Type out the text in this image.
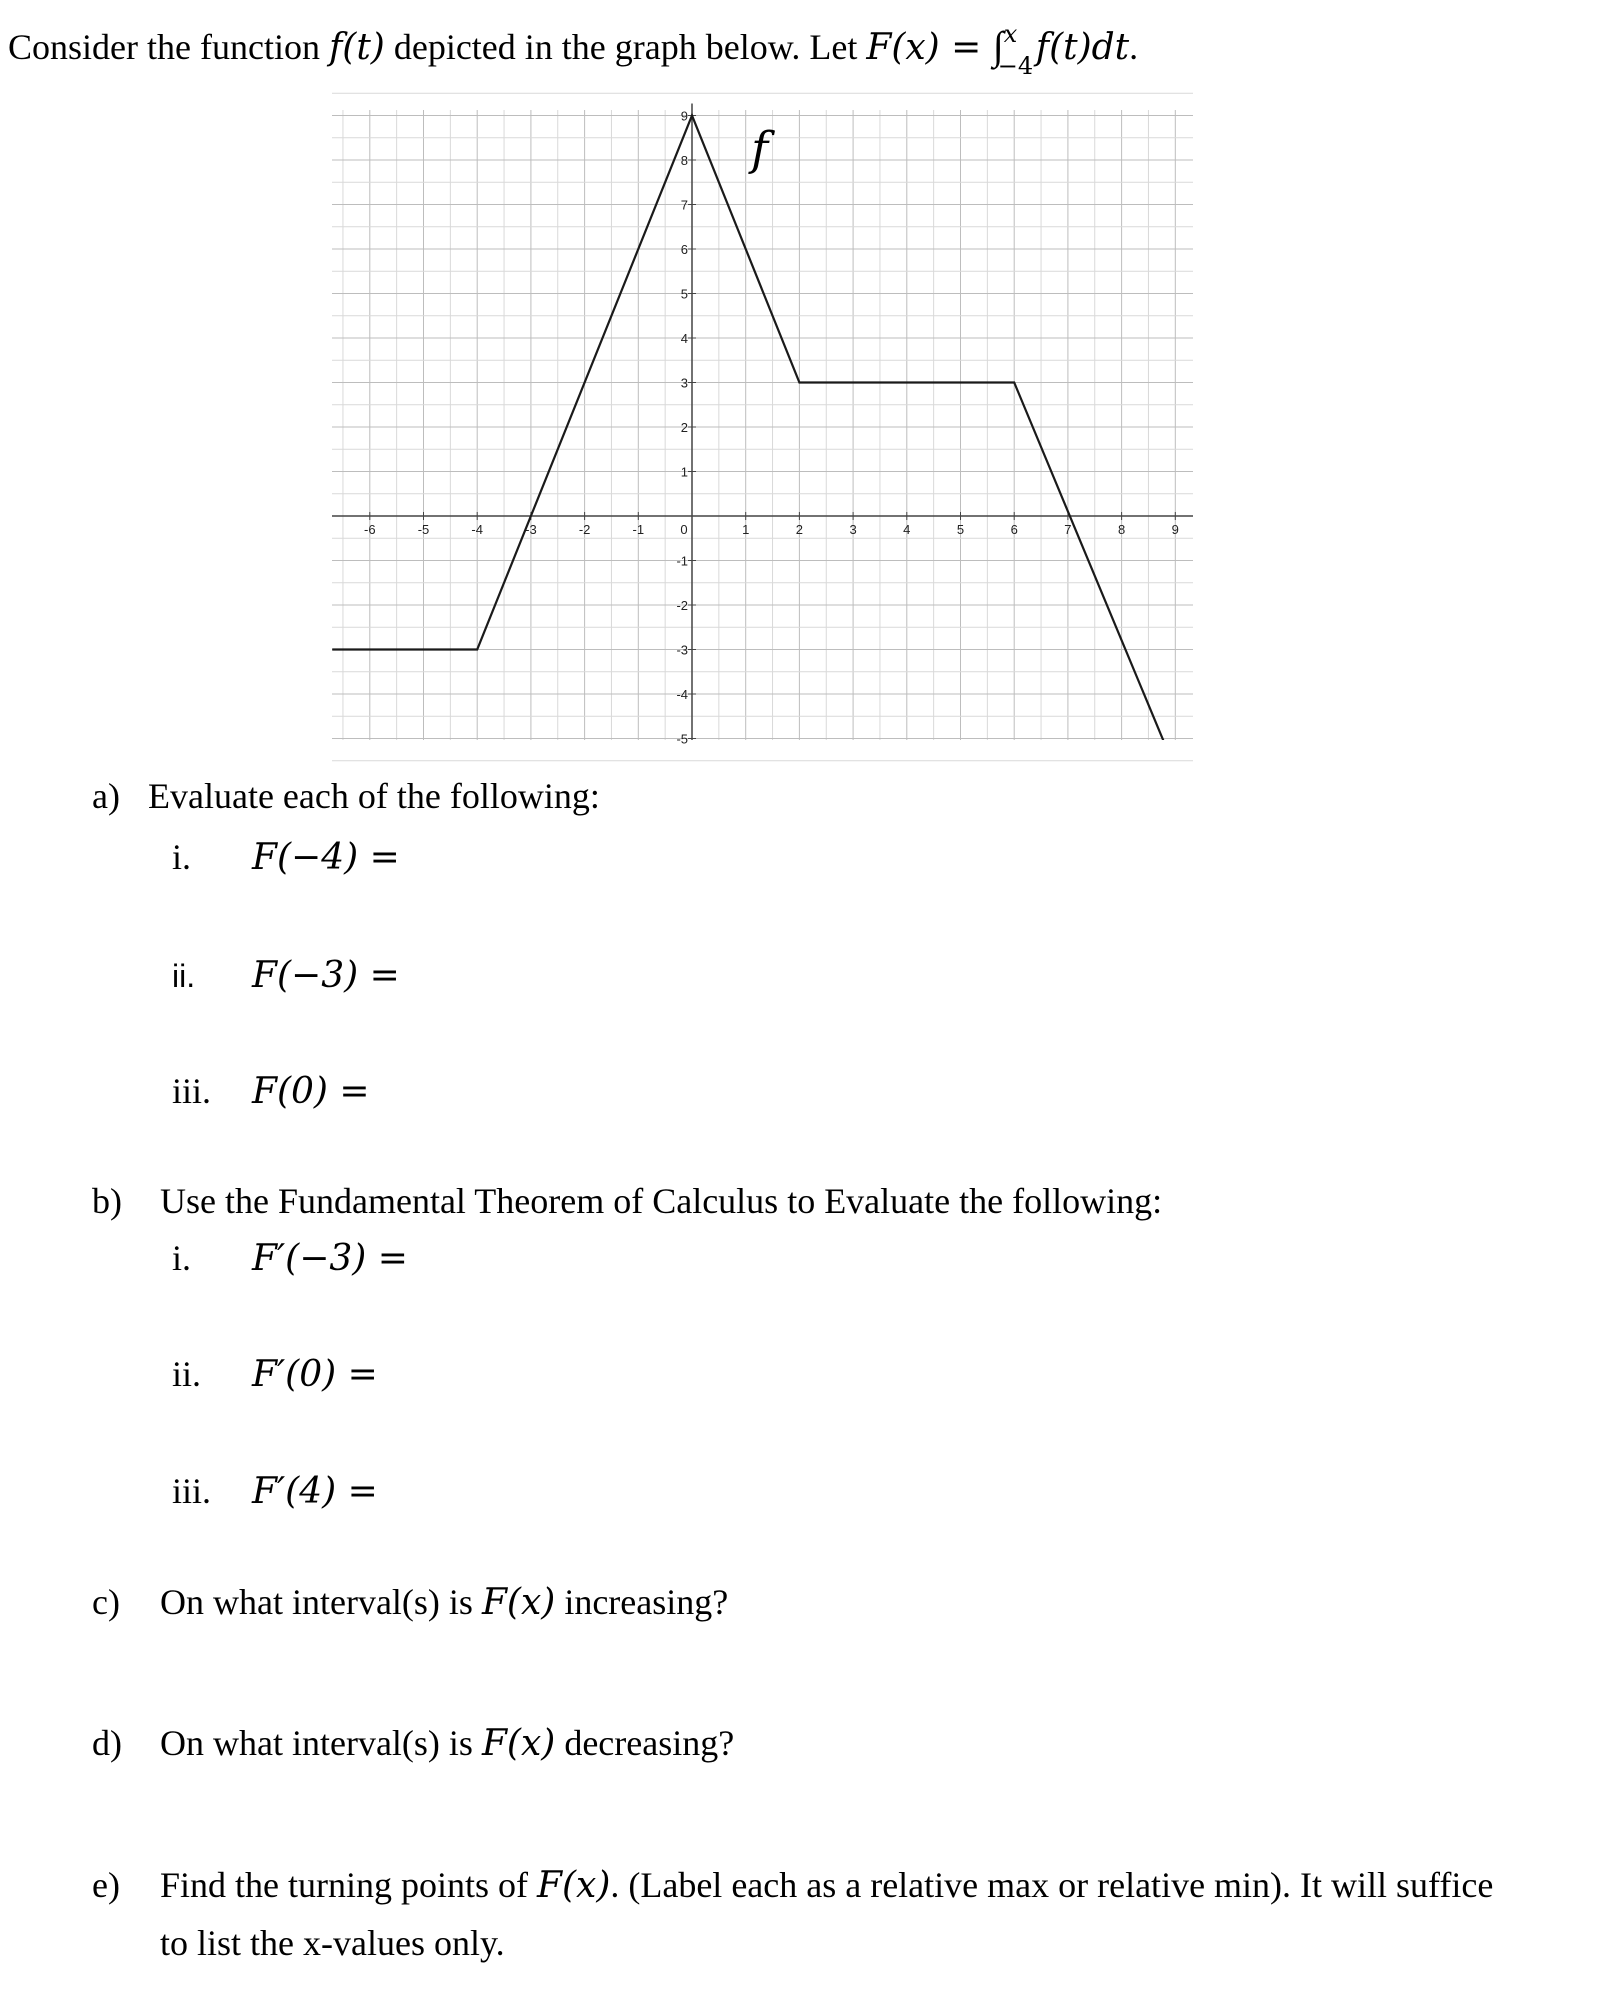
Consider the function f(t) depicted in the graph below. Let F(x) = ∫ x
−4 f(t)dt.
-6	-5	-4	-3	-2	-1	0	1	2	3	4	5	6	7	8	9
9
8
7
6
5
4
3
2
1
-1
-2
-3
-4
-5
f
a) Evaluate each of the following:
i. F(−4) =
ii. F(−3) =
iii. F(0) =
b) Use the Fundamental Theorem of Calculus to Evaluate the following:
i. F′(−3) =
ii. F′(0) =
iii. F′(4) =
c) On what interval(s) is F(x) increasing?
d) On what interval(s) is F(x) decreasing?
e) Find the turning points of F(x). (Label each as a relative max or relative min). It will suffice
to list the x-values only.
